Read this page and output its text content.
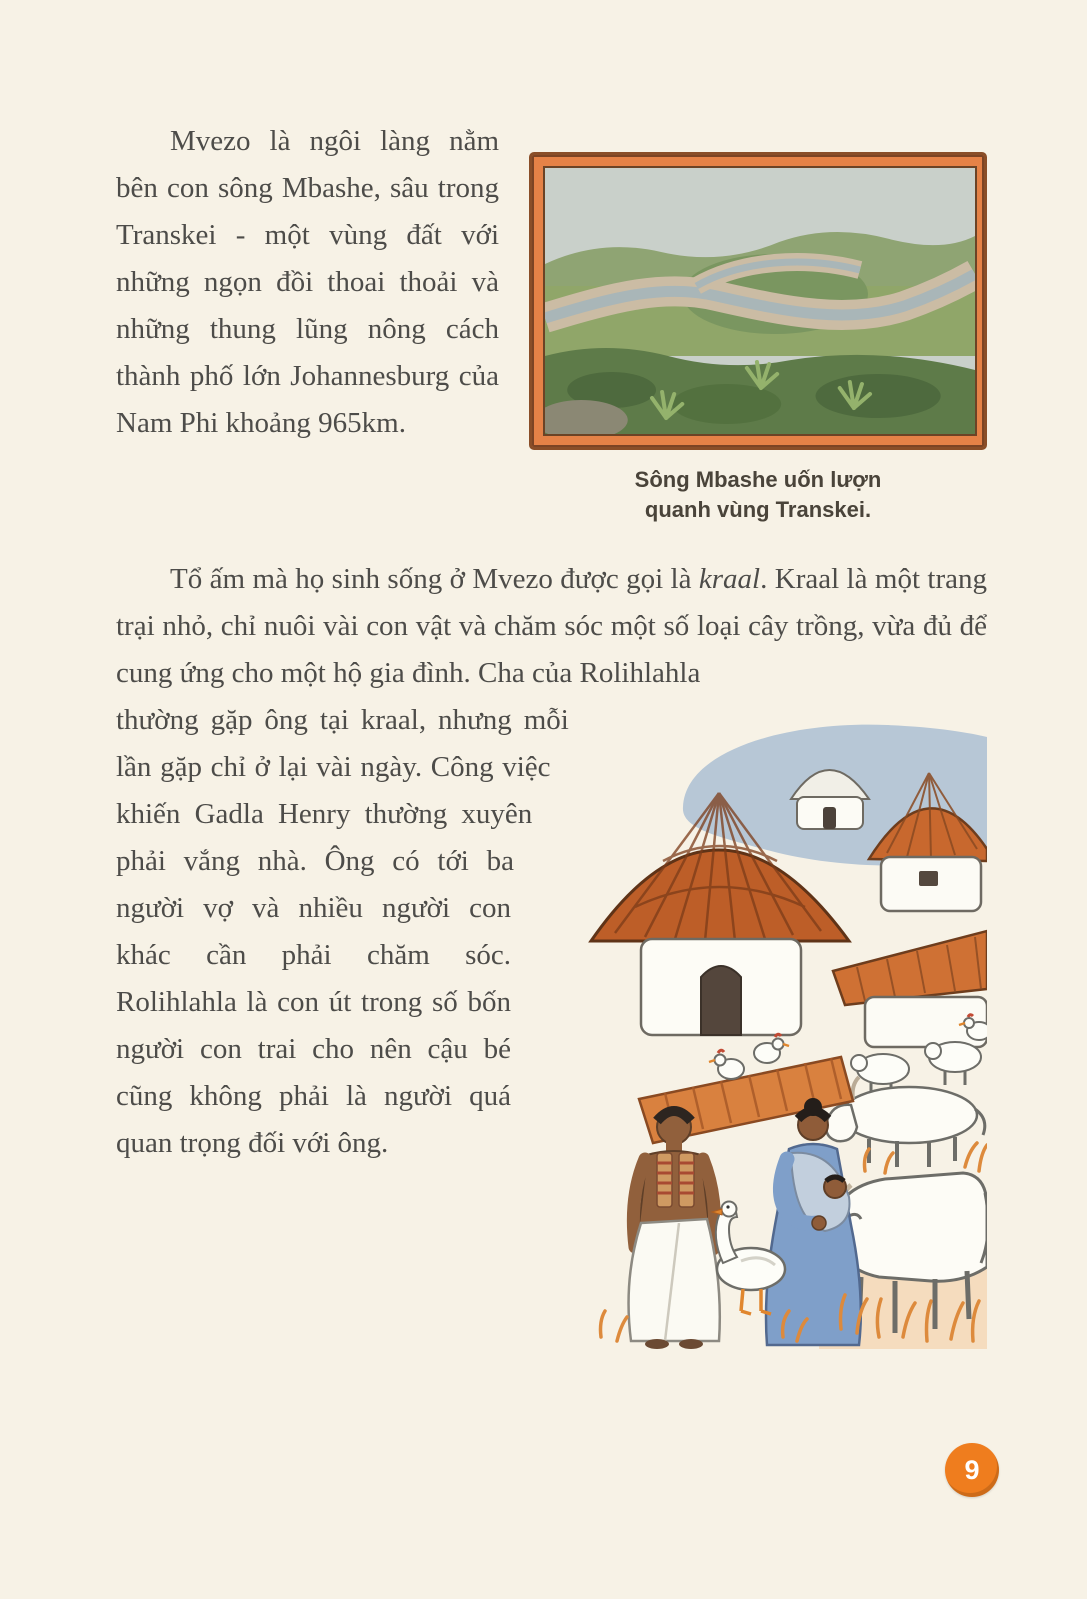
Sông Mbashe uốn lượn
quanh vùng Transkei.

Mvezo là ngôi làng nằm bên con sông Mbashe, sâu trong Transkei - một vùng đất với những ngọn đồi thoai thoải và những thung lũng nông cách thành phố lớn Johannesburg của Nam Phi khoảng 965km.

Tổ ấm mà họ sinh sống ở Mvezo được gọi là kraal. Kraal là một trang trại nhỏ, chỉ nuôi vài con vật và chăm sóc một số loại cây trồng, vừa đủ để cung ứng cho một hộ gia đình. Cha của Rolihlahla

thường gặp ông tại kraal, nhưng mỗi lần gặp chỉ ở lại vài ngày. Công việc khiến Gadla Henry thường xuyên phải vắng nhà. Ông có tới ba người vợ và nhiều người con khác cần phải chăm sóc. Rolihlahla là con út trong số bốn người con trai cho nên cậu bé cũng không phải là người quá quan trọng đối với ông.

9
